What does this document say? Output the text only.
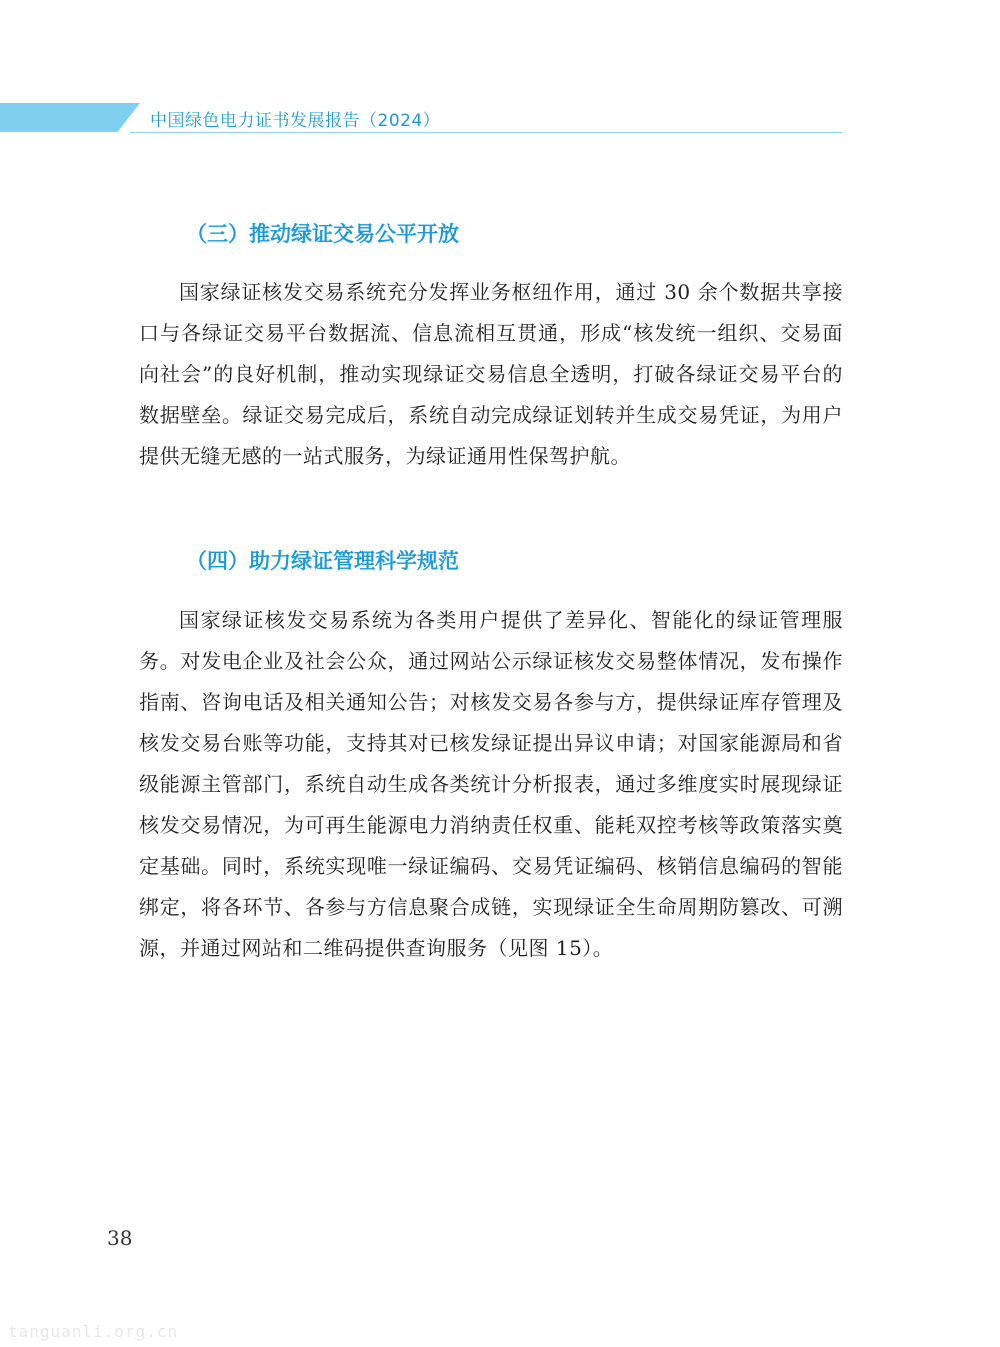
中国绿色电力证书发展报告（2024）
（三）推动绿证交易公平开放

国家绿证核发交易系统充分发挥业务枢纽作用，通过 30 余个数据共享接口与各绿证交易平台数据流、信息流相互贯通，形成“核发统一组织、交易面向社会”的良好机制，推动实现绿证交易信息全透明，打破各绿证交易平台的数据壁垒。绿证交易完成后，系统自动完成绿证划转并生成交易凭证，为用户提供无缝无感的一站式服务，为绿证通用性保驾护航。

（四）助力绿证管理科学规范

国家绿证核发交易系统为各类用户提供了差异化、智能化的绿证管理服务。对发电企业及社会公众，通过网站公示绿证核发交易整体情况，发布操作指南、咨询电话及相关通知公告；对核发交易各参与方，提供绿证库存管理及核发交易台账等功能，支持其对已核发绿证提出异议申请；对国家能源局和省级能源主管部门，系统自动生成各类统计分析报表，通过多维度实时展现绿证核发交易情况，为可再生能源电力消纳责任权重、能耗双控考核等政策落实奠定基础。同时，系统实现唯一绿证编码、交易凭证编码、核销信息编码的智能绑定，将各环节、各参与方信息聚合成链，实现绿证全生命周期防篡改、可溯源，并通过网站和二维码提供查询服务（见图 15）。

38
tanguanli.org.cn
